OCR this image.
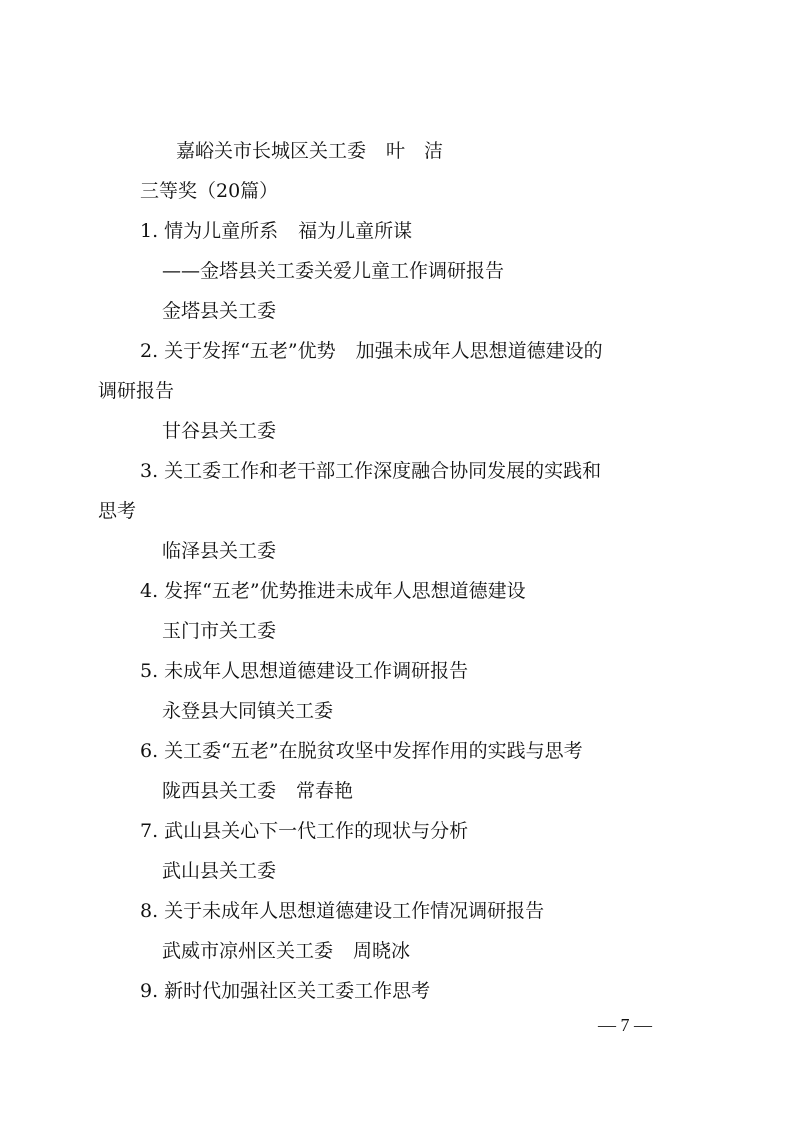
嘉峪关市长城区关工委 叶　洁
三等奖（20篇）
1. 情为儿童所系 福为儿童所谋
——金塔县关工委关爱儿童工作调研报告
金塔县关工委
2. 关于发挥“五老”优势 加强未成年人思想道德建设的
调研报告
甘谷县关工委
3. 关工委工作和老干部工作深度融合协同发展的实践和
思考
临泽县关工委
4. 发挥“五老”优势推进未成年人思想道德建设
玉门市关工委
5. 未成年人思想道德建设工作调研报告
永登县大同镇关工委
6. 关工委“五老”在脱贫攻坚中发挥作用的实践与思考
陇西县关工委 常春艳
7. 武山县关心下一代工作的现状与分析
武山县关工委
8. 关于未成年人思想道德建设工作情况调研报告
武威市凉州区关工委 周晓冰
9. 新时代加强社区关工委工作思考
— 7 —
